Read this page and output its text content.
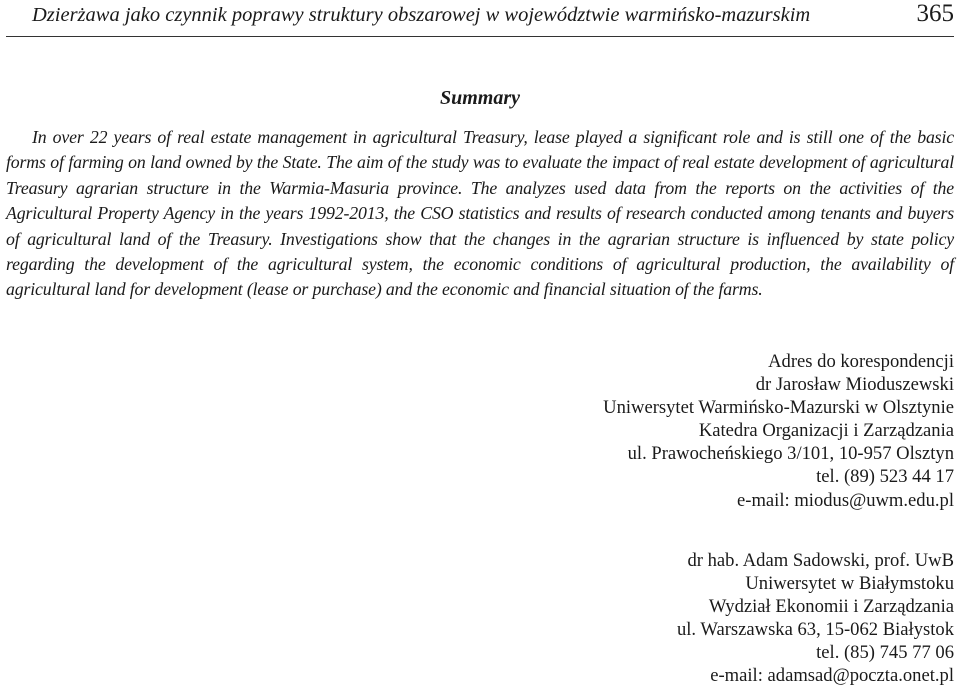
Dzierżawa jako czynnik poprawy struktury obszarowej w województwie warmińsko-mazurskim	365
Summary

In over 22 years of real estate management in agricultural Treasury, lease played a significant role and is still one of the basic forms of farming on land owned by the State. The aim of the study was to evaluate the impact of real estate development of agricultural Treasury agrarian structure in the Warmia-Masuria province. The analyzes used data from the reports on the activities of the Agricultural Property Agency in the years 1992-2013, the CSO statistics and results of research conducted among tenants and buyers of agricultural land of the Treasury. Investigations show that the changes in the agrarian structure is influenced by state policy regarding the development of the agricultural system, the economic conditions of agricultural production, the availability of agricultural land for development (lease or purchase) and the economic and financial situation of the farms.

Adres do korespondencji
dr Jarosław Mioduszewski
Uniwersytet Warmińsko-Mazurski w Olsztynie
Katedra Organizacji i Zarządzania
ul. Prawocheńskiego 3/101, 10-957 Olsztyn
tel. (89) 523 44 17
e-mail: miodus@uwm.edu.pl
dr hab. Adam Sadowski, prof. UwB
Uniwersytet w Białymstoku
Wydział Ekonomii i Zarządzania
ul. Warszawska 63, 15-062 Białystok
tel. (85) 745 77 06
e-mail: adamsad@poczta.onet.pl
